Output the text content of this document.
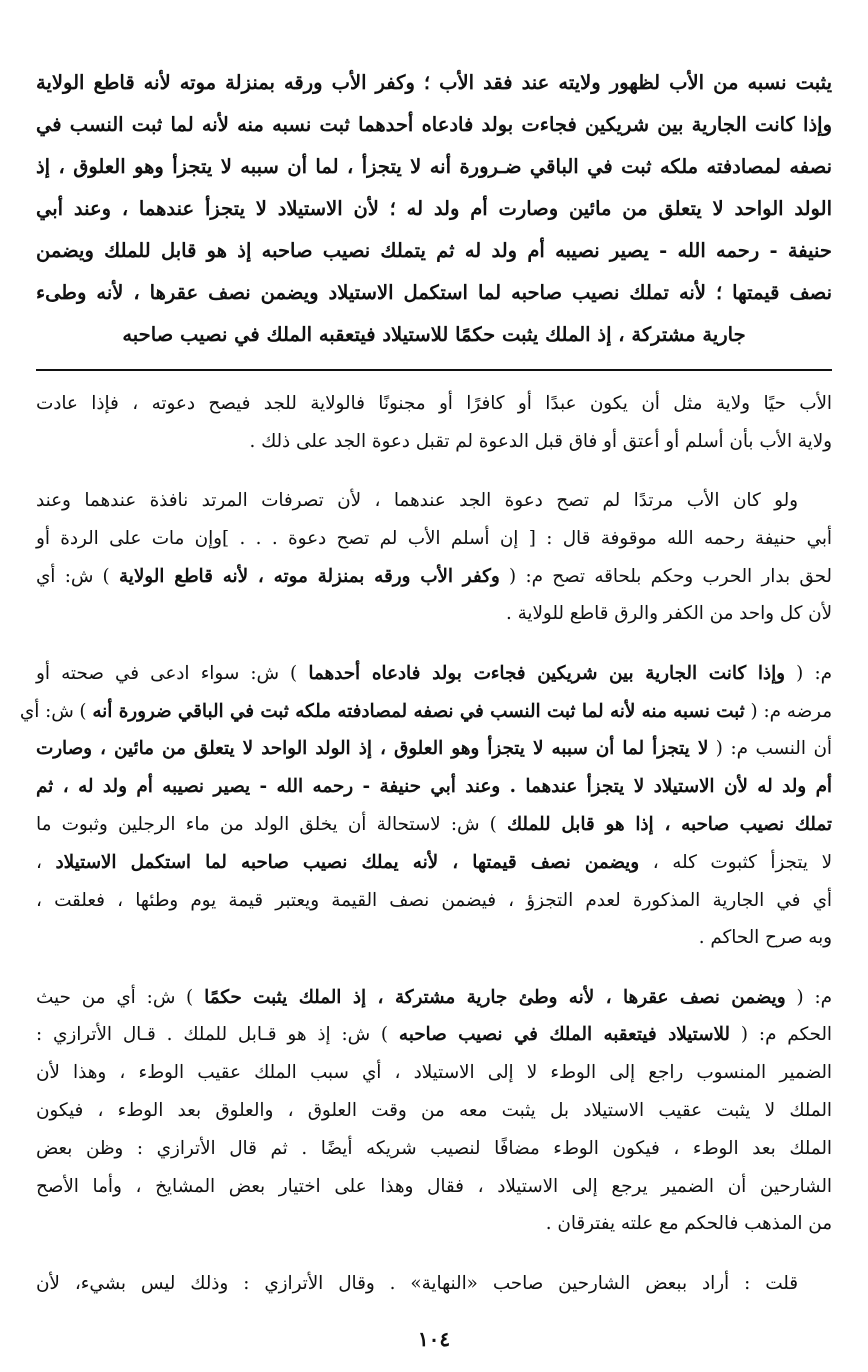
يثبت نسبه من الأب لظهور ولايته عند فقد الأب ؛ وكفر الأب ورقه بمنزلة موته لأنه قاطع الولاية

وإذا كانت الجارية بين شريكين فجاءت بولد فادعاه أحدهما ثبت نسبه منه لأنه لما ثبت النسب في

نصفه لمصادفته ملكه ثبت في الباقي ضـرورة أنه لا يتجزأ ، لما أن سببه لا يتجزأ وهو العلوق ، إذ

الولد الواحد لا يتعلق من مائين وصارت أم ولد له ؛ لأن الاستيلاد لا يتجزأ عندهما ، وعند أبي

حنيفة - رحمه الله - يصير نصيبه أم ولد له ثم يتملك نصيب صاحبه إذ هو قابل للملك ويضمن

نصف قيمتها ؛ لأنه تملك نصيب صاحبه لما استكمل الاستيلاد ويضمن نصف عقرها ، لأنه وطىء

جارية مشتركة ، إذ الملك يثبت حكمًا للاستيلاد فيتعقبه الملك في نصيب صاحبه

الأب حيًا ولاية مثل أن يكون عبدًا أو كافرًا أو مجنونًا فالولاية للجد فيصح دعوته ، فإذا عادت
ولاية الأب بأن أسلم أو أعتق أو فاق قبل الدعوة لم تقبل دعوة الجد على ذلك .
ولو كان الأب مرتدًا لم تصح دعوة الجد عندهما ، لأن تصرفات المرتد نافذة عندهما وعند
أبي حنيفة رحمه الله موقوفة قال : [ إن أسلم الأب لم تصح دعوة . . . ]وإن مات على الردة أو
لحق بدار الحرب وحكم بلحاقه تصح م: ( وكفر الأب ورقه بمنزلة موته ، لأنه قاطع الولاية ) ش: أي
لأن كل واحد من الكفر والرق قاطع للولاية .
م: ( وإذا كانت الجارية بين شريكين فجاءت بولد فادعاه أحدهما ) ش: سواء ادعى في صحته أو
مرضه م: ( ثبت نسبه منه لأنه لما ثبت النسب في نصفه لمصادفته ملكه ثبت في الباقي ضرورة أنه ) ش: أي
أن النسب م: ( لا يتجزأ لما أن سببه لا يتجزأ وهو العلوق ، إذ الولد الواحد لا يتعلق من مائين ، وصارت
أم ولد له لأن الاستيلاد لا يتجزأ عندهما . وعند أبي حنيفة - رحمه الله - يصير نصيبه أم ولد له ، ثم
تملك نصيب صاحبه ، إذا هو قابل للملك ) ش: لاستحالة أن يخلق الولد من ماء الرجلين وثبوت ما
لا يتجزأ كثبوت كله ، ويضمن نصف قيمتها ، لأنه يملك نصيب صاحبه لما استكمل الاستيلاد ،
أي في الجارية المذكورة لعدم التجزؤ ، فيضمن نصف القيمة ويعتبر قيمة يوم وطئها ، فعلقت ،
وبه صرح الحاكم .
م: ( ويضمن نصف عقرها ، لأنه وطئ جارية مشتركة ، إذ الملك يثبت حكمًا ) ش: أي من حيث
الحكم م: ( للاستيلاد فيتعقبه الملك في نصيب صاحبه ) ش: إذ هو قـابل للملك . قـال الأترازي :
الضمير المنسوب راجع إلى الوطء لا إلى الاستيلاد ، أي سبب الملك عقيب الوطء ، وهذا لأن
الملك لا يثبت عقيب الاستيلاد بل يثبت معه من وقت العلوق ، والعلوق بعد الوطء ، فيكون
الملك بعد الوطء ، فيكون الوطء مضافًا لنصيب شريكه أيضًا . ثم قال الأترازي : وظن بعض
الشارحين أن الضمير يرجع إلى الاستيلاد ، فقال وهذا على اختيار بعض المشايخ ، وأما الأصح
من المذهب فالحكم مع علته يفترقان .
قلت : أراد ببعض الشارحين صاحب «النهاية» . وقال الأترازي : وذلك ليس بشيء، لأن
١٠٤
